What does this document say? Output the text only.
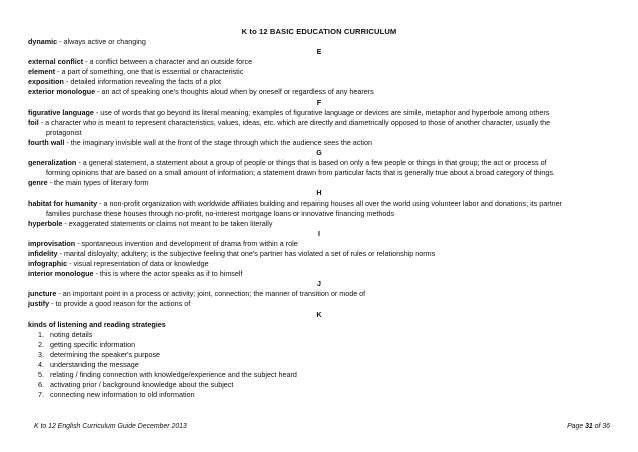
K to 12 BASIC EDUCATION CURRICULUM
dynamic - always active or changing
E
external conflict - a conflict between a character and an outside force
element - a part of something, one that is essential or characteristic
exposition - detailed information revealing the facts of a plot
exterior monologue - an act of speaking one's thoughts aloud when by oneself or regardless of any hearers
F
figurative language - use of words that go beyond its literal meaning; examples of figurative language or devices are simile, metaphor and hyperbole among others
foil - a character who is meant to represent characteristics, values, ideas, etc. which are directly and diametrically opposed to those of another character, usually the
protagonist
fourth wall - the imaginary invisible wall at the front of the stage through which the audience sees the action
G
generalization - a general statement, a statement about a group of people or things that is based on only a few people or things in that group; the act or process of
forming opinions that are based on a small amount of information; a statement drawn from particular facts that is generally true about a broad category of things.
genre - the main types of literary form
H
habitat for humanity - a non-profit organization with worldwide affiliates building and repairing houses all over the world using volunteer labor and donations; its partner
families purchase these houses through no-profit, no-interest mortgage loans or innovative financing methods
hyperbole - exaggerated statements or claims not meant to be taken literally
I
improvisation - spontaneous invention and development of drama from within a role
infidelity - marital disloyalty; adultery; is the subjective feeling that one's partner has violated a set of rules or relationship norms
infographic - visual representation of data or knowledge
interior monologue - this is where the actor speaks as if to himself
J
juncture - an important point in a process or activity; joint, connection; the manner of transition or mode of
justify - to provide a good reason for the actions of
K
kinds of listening and reading strategies
1. noting details
2. getting specific information
3. determining the speaker's purpose
4. understanding the message
5. relating / finding connection with knowledge/experience and the subject heard
6. activating prior / background knowledge about the subject
7. connecting new information to old information
K to 12 English Curriculum Guide December 2013	Page 31 of 36
